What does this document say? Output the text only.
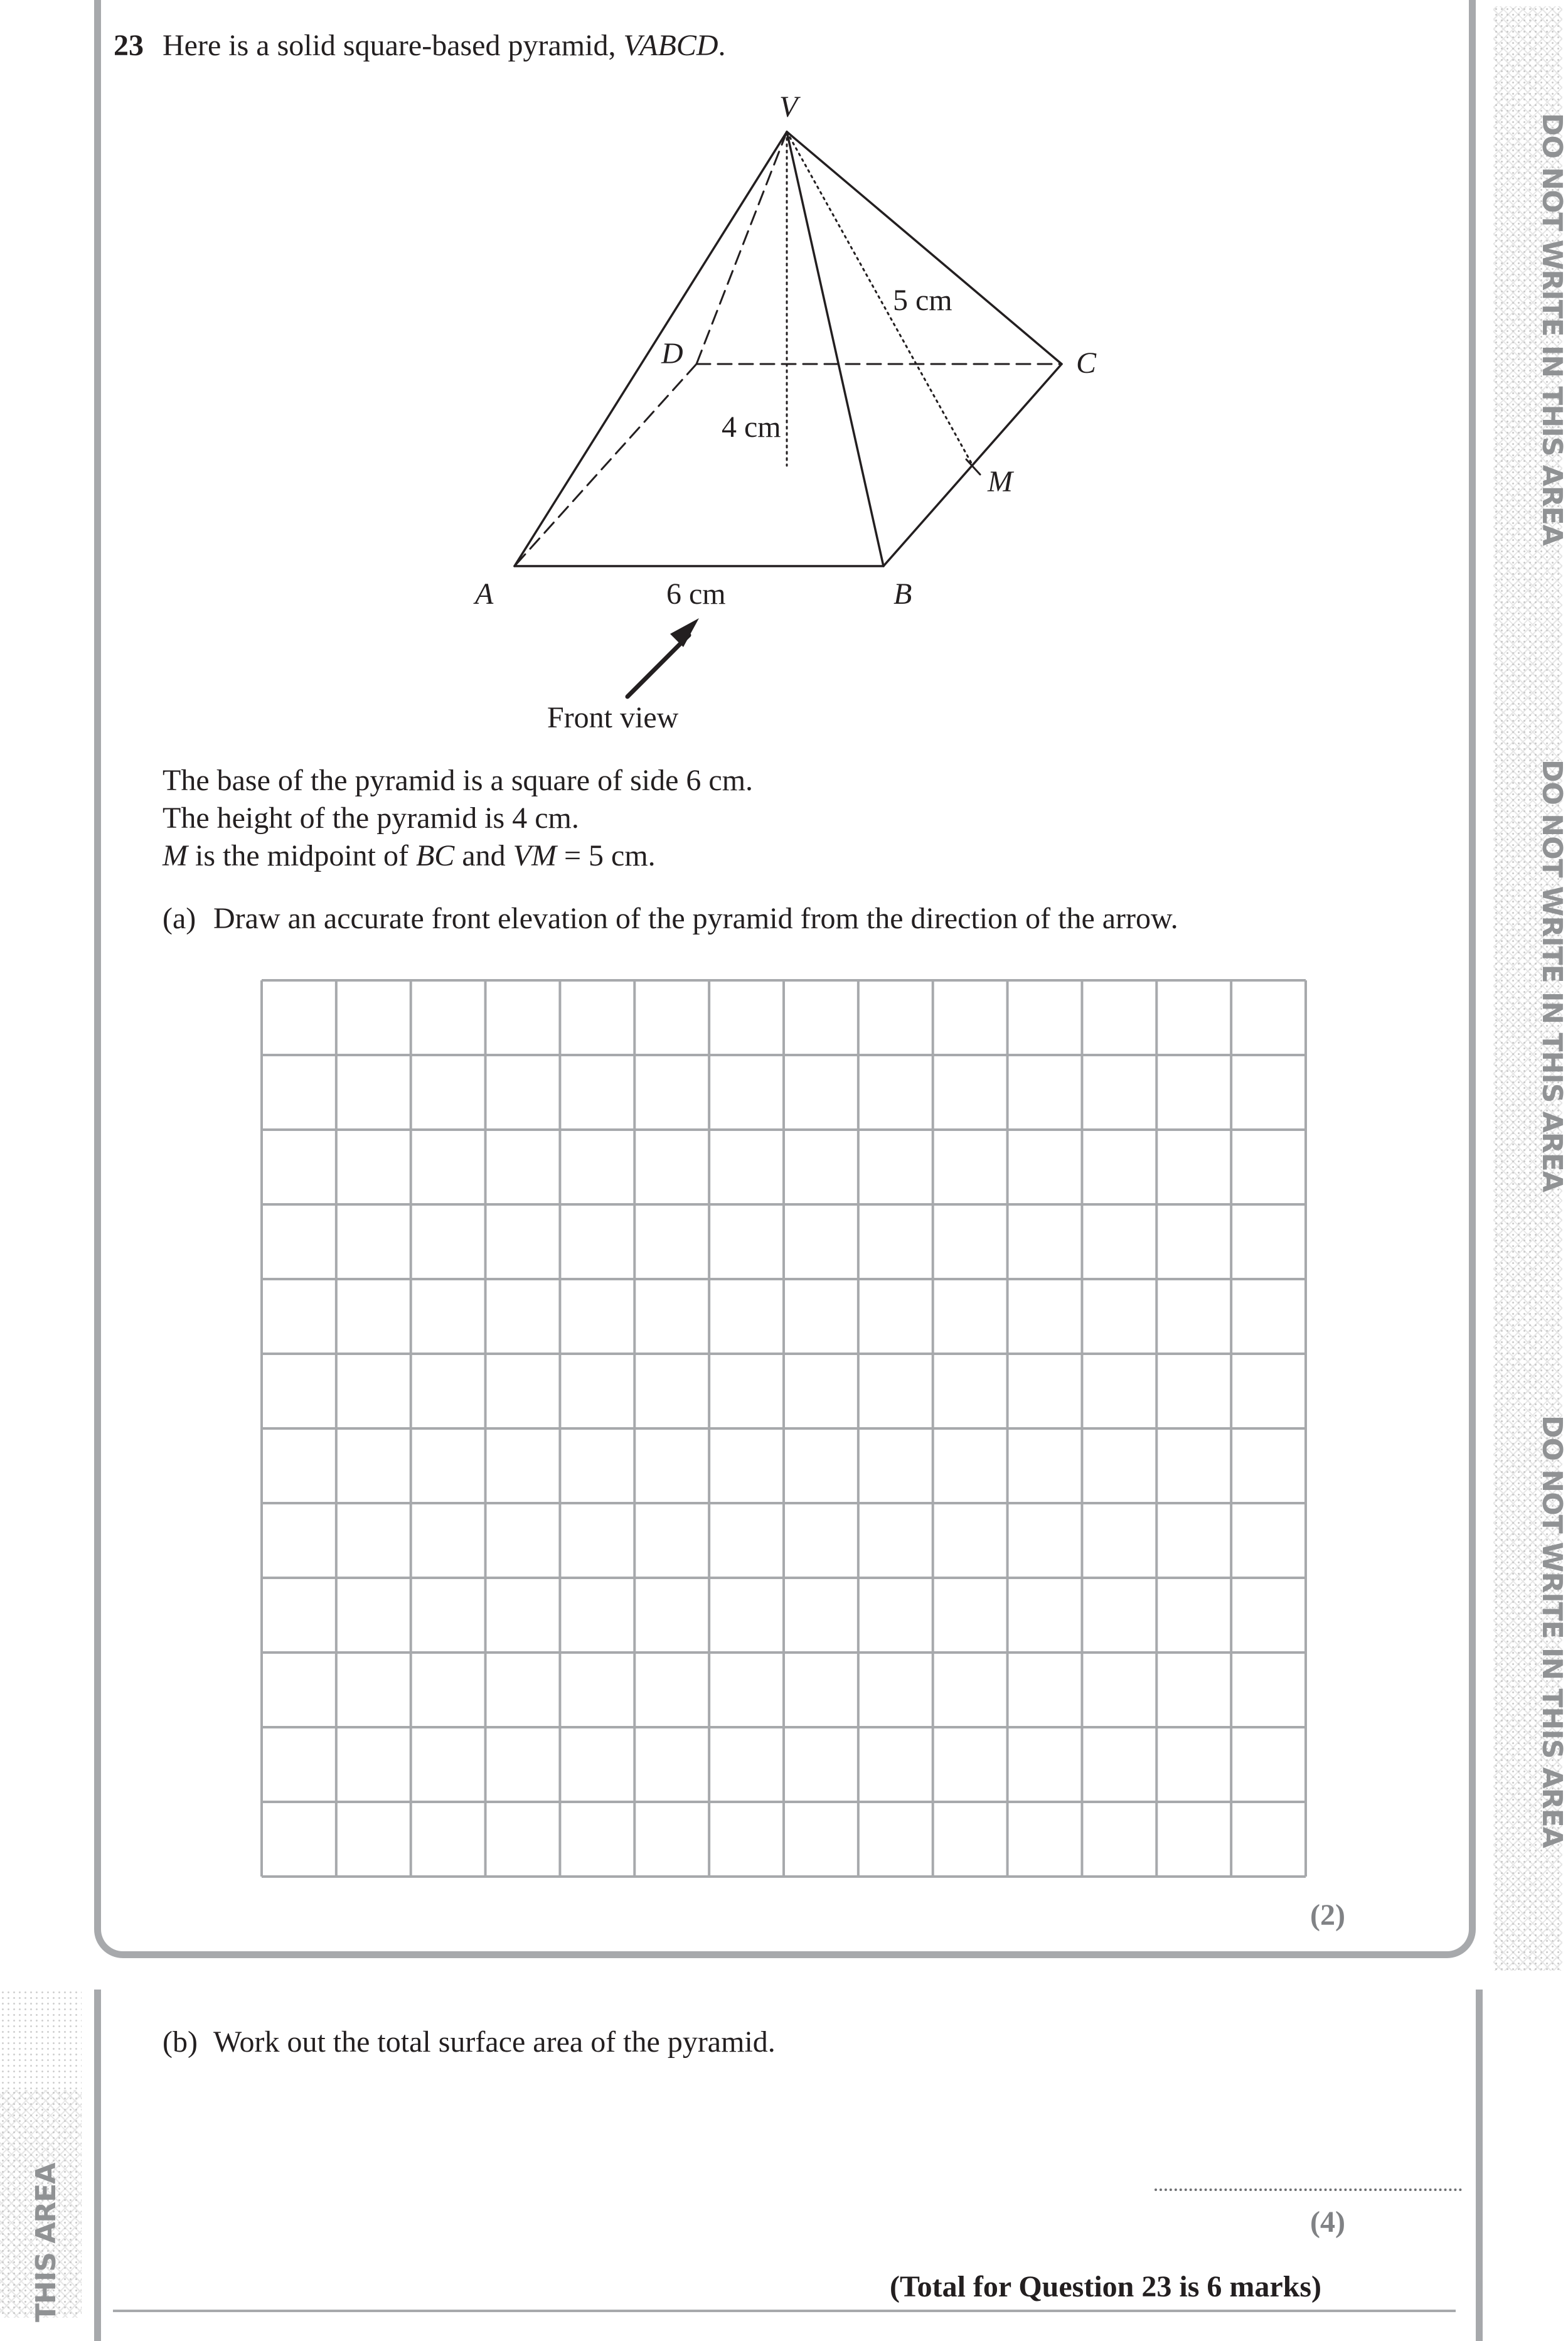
DO NOT WRITE IN THIS AREA
DO NOT WRITE IN THIS AREA
DO NOT WRITE IN THIS AREA
THIS AREA
23 Here is a solid square-based pyramid, VABCD.
V
D	C
M
A	B
5 cm
4 cm
6 cm
Front view
The base of the pyramid is a square of side 6 cm.
The height of the pyramid is 4 cm.
M is the midpoint of BC and VM = 5 cm.
(a) Draw an accurate front elevation of the pyramid from the direction of the arrow.
(2)
(b) Work out the total surface area of the pyramid.
(4)
(Total for Question 23 is 6 marks)
